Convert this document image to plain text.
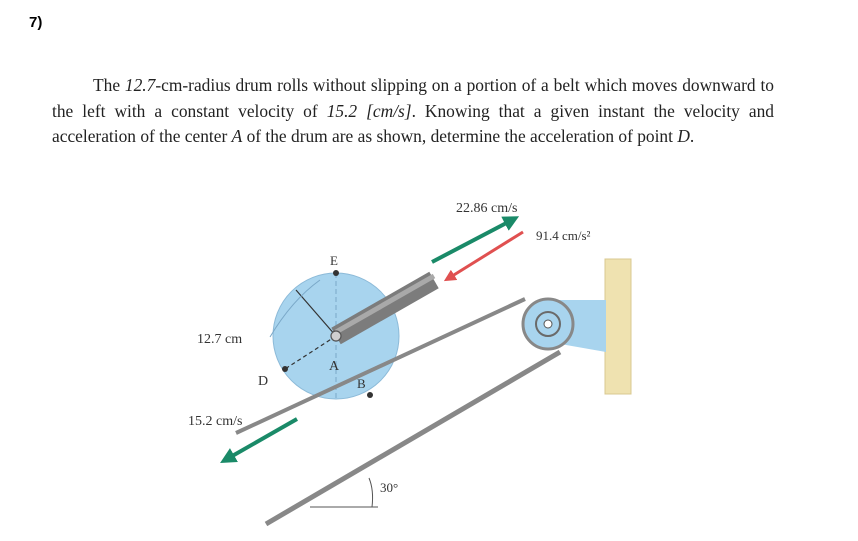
7)

The 12.7-cm-radius drum rolls without slipping on a portion of a belt which moves downward to the left with a constant velocity of 15.2 [cm/s]. Knowing that a given instant the velocity and acceleration of the center A of the drum are as shown, determine the acceleration of point D.

22.86 cm/s
91.4 cm/s²
E
A
B
D
12.7 cm
15.2 cm/s
30°
